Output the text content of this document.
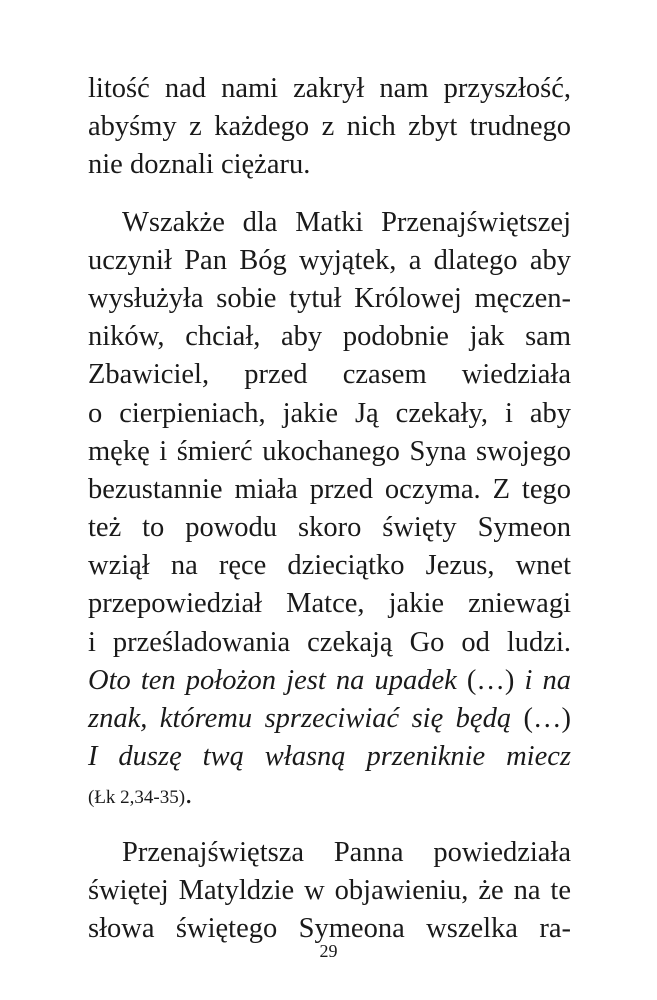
litość nad nami zakrył nam przyszłość,
abyśmy z każdego z nich zbyt trudnego
nie doznali ciężaru.
Wszakże dla Matki Przenajświętszej
uczynił Pan Bóg wyjątek, a dlatego aby
wysłużyła sobie tytuł Królowej męczen-
ników, chciał, aby podobnie jak sam
Zbawiciel, przed czasem wiedziała
o cierpieniach, jakie Ją czekały, i aby
mękę i śmierć ukochanego Syna swojego
bezustannie miała przed oczyma. Z tego
też to powodu skoro święty Symeon
wziął na ręce dzieciątko Jezus, wnet
przepowiedział Matce, jakie zniewagi
i prześladowania czekają Go od ludzi.
Oto ten położon jest na upadek (…) i na
znak, któremu sprzeciwiać się będą (…)
I duszę twą własną przeniknie miecz
(Łk 2,34-35).
Przenajświętsza Panna powiedziała
świętej Matyldzie w objawieniu, że na te
słowa świętego Symeona wszelka ra-
29
